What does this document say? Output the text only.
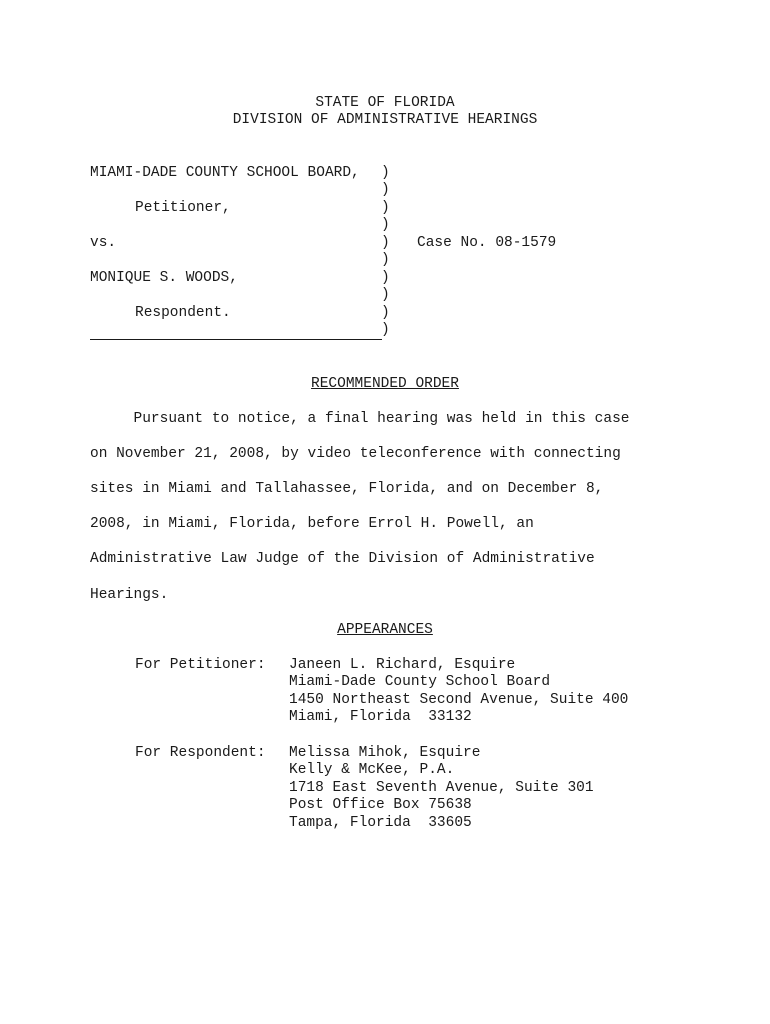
STATE OF FLORIDA
DIVISION OF ADMINISTRATIVE HEARINGS
MIAMI-DADE COUNTY SCHOOL BOARD,
Petitioner,
vs.
MONIQUE S. WOODS,
Respondent.
)
)
)
)
)
)
)
)
)
)
Case No. 08-1579
RECOMMENDED ORDER
Pursuant to notice, a final hearing was held in this case
on November 21, 2008, by video teleconference with connecting
sites in Miami and Tallahassee, Florida, and on December 8,
2008, in Miami, Florida, before Errol H. Powell, an
Administrative Law Judge of the Division of Administrative
Hearings.
APPEARANCES
For Petitioner: Janeen L. Richard, Esquire
Miami-Dade County School Board
1450 Northeast Second Avenue, Suite 400
Miami, Florida  33132
For Respondent: Melissa Mihok, Esquire
Kelly & McKee, P.A.
1718 East Seventh Avenue, Suite 301
Post Office Box 75638
Tampa, Florida  33605
